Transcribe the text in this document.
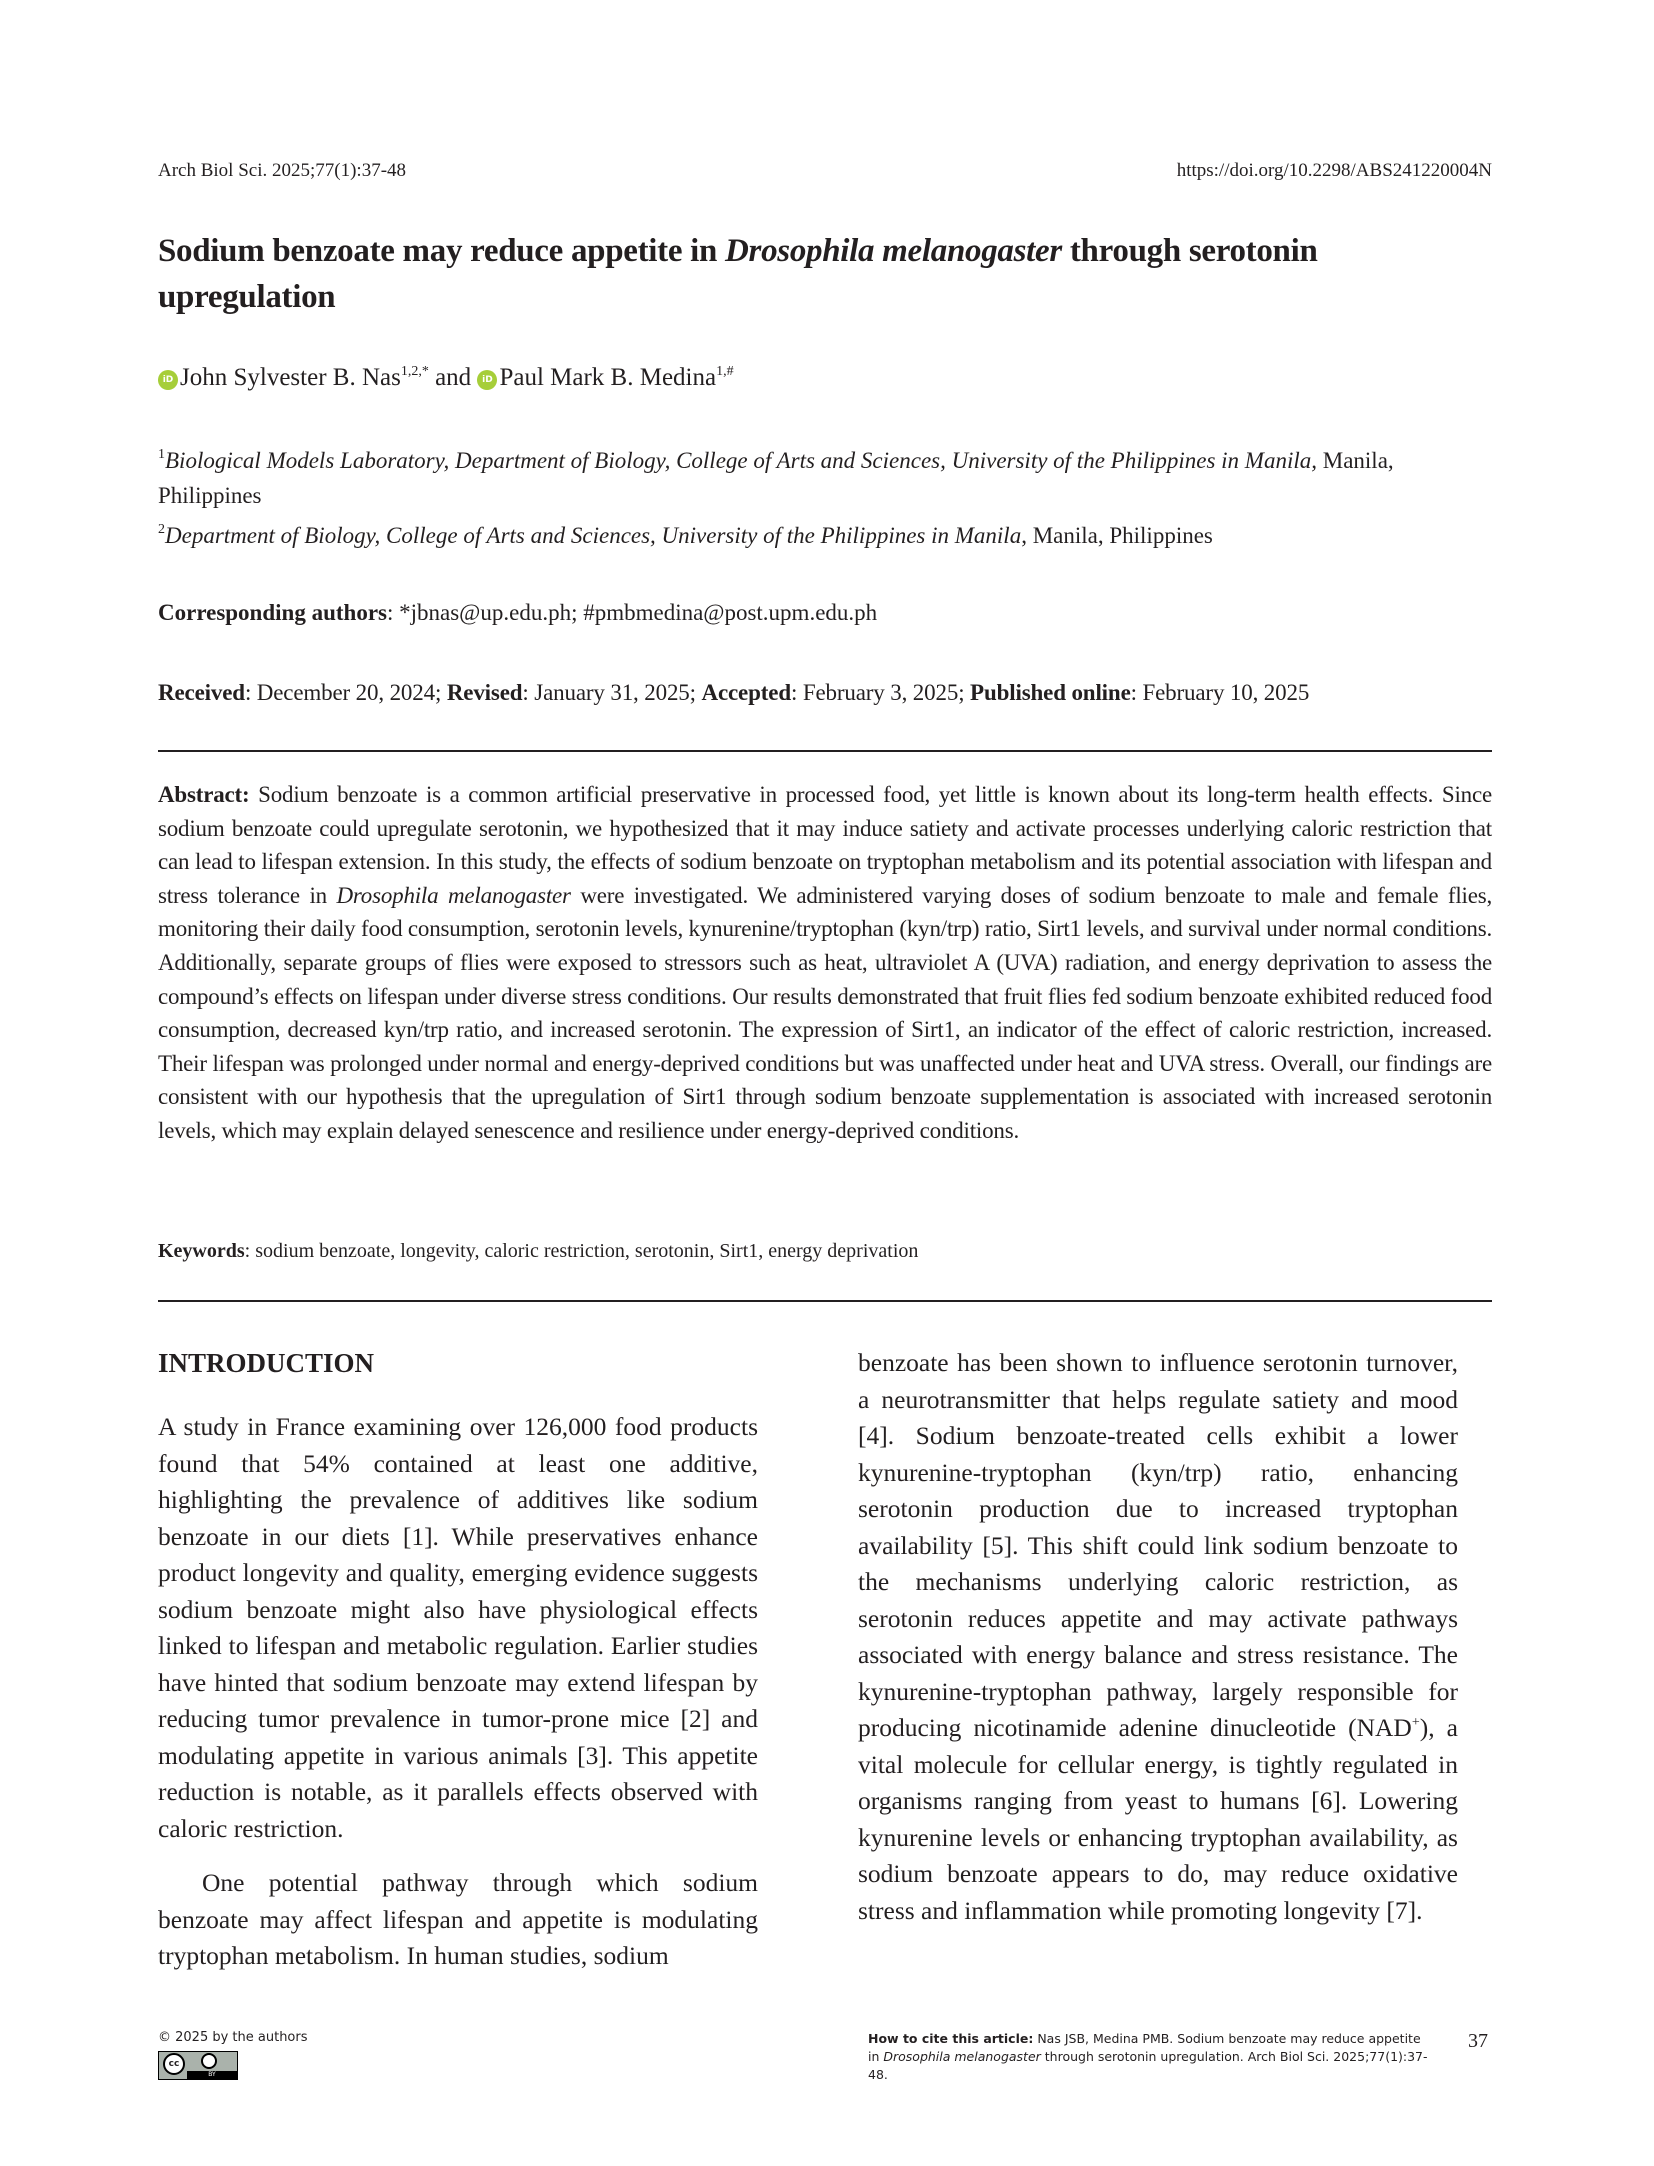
Arch Biol Sci. 2025;77(1):37-48	https://doi.org/10.2298/ABS241220004N
Sodium benzoate may reduce appetite in Drosophila melanogaster through serotonin upregulation
iD John Sylvester B. Nas$^{1,2,*}$ and iD Paul Mark B. Medina$^{1,\#}$
$^1$Biological Models Laboratory, Department of Biology, College of Arts and Sciences, University of the Philippines in Manila, Manila, Philippines
$^2$Department of Biology, College of Arts and Sciences, University of the Philippines in Manila, Manila, Philippines
Corresponding authors: *jbnas@up.edu.ph; #pmbmedina@post.upm.edu.ph
Received: December 20, 2024; Revised: January 31, 2025; Accepted: February 3, 2025; Published online: February 10, 2025
Abstract: Sodium benzoate is a common artificial preservative in processed food, yet little is known about its long-term health effects. Since sodium benzoate could upregulate serotonin, we hypothesized that it may induce satiety and activate processes underlying caloric restriction that can lead to lifespan extension. In this study, the effects of sodium benzoate on tryptophan metabolism and its potential association with lifespan and stress tolerance in Drosophila melanogaster were investigated. We administered varying doses of sodium benzoate to male and female flies, monitoring their daily food consumption, serotonin levels, kynurenine/tryptophan (kyn/trp) ratio, Sirt1 levels, and survival under normal conditions. Additionally, separate groups of flies were exposed to stressors such as heat, ultraviolet A (UVA) radiation, and energy deprivation to assess the compound’s effects on lifespan under diverse stress conditions. Our results demonstrated that fruit flies fed sodium benzoate exhibited reduced food consumption, decreased kyn/trp ratio, and increased serotonin. The expression of Sirt1, an indicator of the effect of caloric restriction, increased. Their lifespan was prolonged under normal and energy-deprived conditions but was unaffected under heat and UVA stress. Overall, our findings are consistent with our hypothesis that the upregulation of Sirt1 through sodium benzoate supplementation is associated with increased serotonin levels, which may explain delayed senescence and resilience under energy-deprived conditions.
Keywords: sodium benzoate, longevity, caloric restriction, serotonin, Sirt1, energy deprivation
INTRODUCTION

A study in France examining over 126,000 food products found that 54% contained at least one additive, highlighting the prevalence of additives like sodium benzoate in our diets [1]. While preservatives enhance product longevity and quality, emerging evidence suggests sodium benzoate might also have physiological effects linked to lifespan and metabolic regulation. Earlier studies have hinted that sodium benzoate may extend lifespan by reducing tumor prevalence in tumor-prone mice [2] and modulating appetite in various animals [3]. This appetite reduction is notable, as it parallels effects observed with caloric restriction.

One potential pathway through which sodium benzoate may affect lifespan and appetite is modulating tryptophan metabolism. In human studies, sodium

benzoate has been shown to influence serotonin turnover, a neurotransmitter that helps regulate satiety and mood [4]. Sodium benzoate-treated cells exhibit a lower kynurenine-tryptophan (kyn/trp) ratio, enhancing serotonin production due to increased tryptophan availability [5]. This shift could link sodium benzoate to the mechanisms underlying caloric restriction, as serotonin reduces appetite and may activate pathways associated with energy balance and stress resistance. The kynurenine-tryptophan pathway, largely responsible for producing nicotinamide adenine dinucleotide (NAD+), a vital molecule for cellular energy, is tightly regulated in organisms ranging from yeast to humans [6]. Lowering kynurenine levels or enhancing tryptophan availability, as sodium benzoate appears to do, may reduce oxidative stress and inflammation while promoting longevity [7].

© 2025 by the authors
cc
BY
How to cite this article: Nas JSB, Medina PMB. Sodium benzoate may reduce appetite in Drosophila melanogaster through serotonin upregulation. Arch Biol Sci. 2025;77(1):37-48.
37
